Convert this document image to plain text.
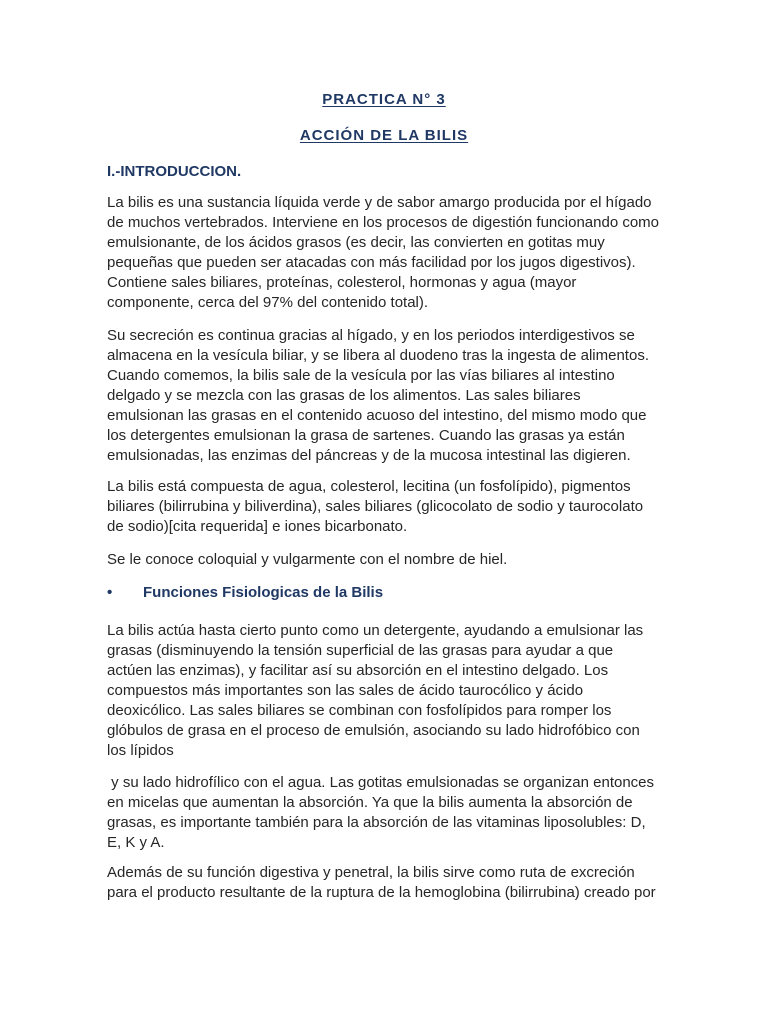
PRACTICA N° 3
ACCIÓN DE LA BILIS
I.-INTRODUCCION.
La bilis es una sustancia líquida verde y de sabor amargo producida por el hígado
de muchos vertebrados. Interviene en los procesos de digestión funcionando como
emulsionante, de los ácidos grasos (es decir, las convierten en gotitas muy
pequeñas que pueden ser atacadas con más facilidad por los jugos digestivos).
Contiene sales biliares, proteínas, colesterol, hormonas y agua (mayor
componente, cerca del 97% del contenido total).
Su secreción es continua gracias al hígado, y en los periodos interdigestivos se
almacena en la vesícula biliar, y se libera al duodeno tras la ingesta de alimentos.
Cuando comemos, la bilis sale de la vesícula por las vías biliares al intestino
delgado y se mezcla con las grasas de los alimentos. Las sales biliares
emulsionan las grasas en el contenido acuoso del intestino, del mismo modo que
los detergentes emulsionan la grasa de sartenes. Cuando las grasas ya están
emulsionadas, las enzimas del páncreas y de la mucosa intestinal las digieren.
La bilis está compuesta de agua, colesterol, lecitina (un fosfolípido), pigmentos
biliares (bilirrubina y biliverdina), sales biliares (glicocolato de sodio y taurocolato
de sodio)[cita requerida] e iones bicarbonato.
Se le conoce coloquial y vulgarmente con el nombre de hiel.
• Funciones Fisiologicas de la Bilis
La bilis actúa hasta cierto punto como un detergente, ayudando a emulsionar las
grasas (disminuyendo la tensión superficial de las grasas para ayudar a que
actúen las enzimas), y facilitar así su absorción en el intestino delgado. Los
compuestos más importantes son las sales de ácido taurocólico y ácido
deoxicólico. Las sales biliares se combinan con fosfolípidos para romper los
glóbulos de grasa en el proceso de emulsión, asociando su lado hidrofóbico con
los lípidos
y su lado hidrofílico con el agua. Las gotitas emulsionadas se organizan entonces
en micelas que aumentan la absorción. Ya que la bilis aumenta la absorción de
grasas, es importante también para la absorción de las vitaminas liposolubles: D,
E, K y A.
Además de su función digestiva y penetral, la bilis sirve como ruta de excreción
para el producto resultante de la ruptura de la hemoglobina (bilirrubina) creado por
